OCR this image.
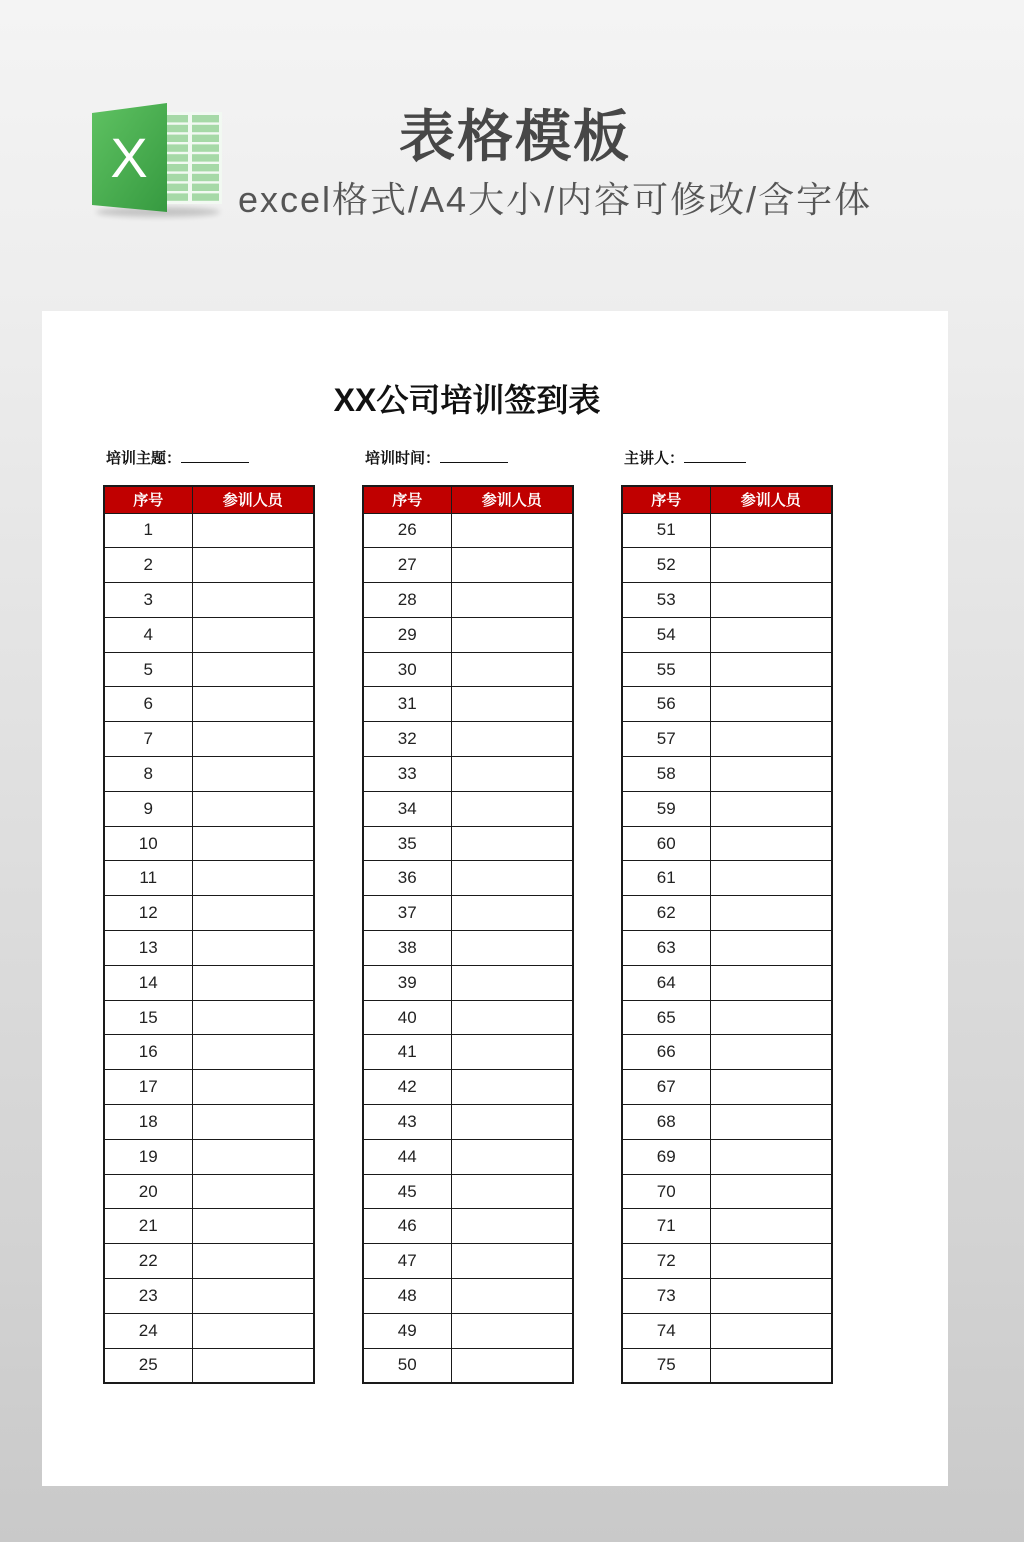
X	表格模板
excel格式/A4大小/内容可修改/含字体
XX公司培训签到表
培训主题：	培训时间：	主讲人：
序号	参训人员
1	
2	
3	
4	
5	
6	
7	
8	
9	
10	
11	
12	
13	
14	
15	
16	
17	
18	
19	
20	
21	
22	
23	
24	
25	
序号	参训人员
26	
27	
28	
29	
30	
31	
32	
33	
34	
35	
36	
37	
38	
39	
40	
41	
42	
43	
44	
45	
46	
47	
48	
49	
50	
序号	参训人员
51	
52	
53	
54	
55	
56	
57	
58	
59	
60	
61	
62	
63	
64	
65	
66	
67	
68	
69	
70	
71	
72	
73	
74	
75	
